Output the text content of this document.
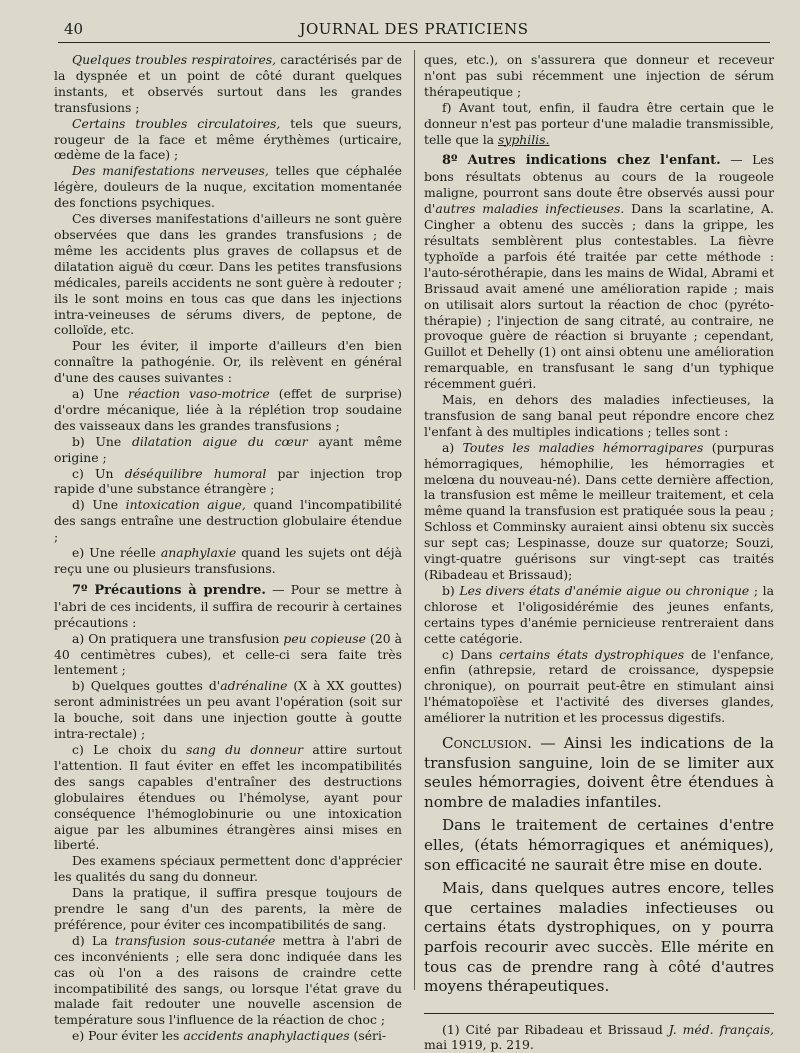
40	JOURNAL DES PRATICIENS

Quelques troubles respiratoires, caractérisés par de la dyspnée et un point de côté durant quelques instants, et observés surtout dans les grandes transfusions ;

Certains troubles circulatoires, tels que sueurs, rougeur de la face et même érythèmes (urticaire, œdème de la face) ;

Des manifestations nerveuses, telles que céphalée légère, douleurs de la nuque, excitation momentanée des fonctions psychiques.

Ces diverses manifestations d'ailleurs ne sont guère observées que dans les grandes transfusions ; de même les accidents plus graves de collapsus et de dilatation aiguë du cœur. Dans les petites transfusions médicales, pareils accidents ne sont guère à redouter ; ils le sont moins en tous cas que dans les injections intra-veineuses de sérums divers, de peptone, de colloïde, etc.

Pour les éviter, il importe d'ailleurs d'en bien connaître la pathogénie. Or, ils relèvent en général d'une des causes suivantes :

a) Une réaction vaso-motrice (effet de surprise) d'ordre mécanique, liée à la réplétion trop soudaine des vaisseaux dans les grandes transfusions ;

b) Une dilatation aigue du cœur ayant même origine ;

c) Un déséquilibre humoral par injection trop rapide d'une substance étrangère ;

d) Une intoxication aigue, quand l'incompatibilité des sangs entraîne une destruction globulaire étendue ;

e) Une réelle anaphylaxie quand les sujets ont déjà reçu une ou plusieurs transfusions.

7º Précautions à prendre. — Pour se mettre à l'abri de ces incidents, il suffira de recourir à certaines précautions :

a) On pratiquera une transfusion peu copieuse (20 à 40 centimètres cubes), et celle-ci sera faite très lentement ;

b) Quelques gouttes d'adrénaline (X à XX gouttes) seront administrées un peu avant l'opération (soit sur la bouche, soit dans une injection goutte à goutte intra-rectale) ;

c) Le choix du sang du donneur attire surtout l'attention. Il faut éviter en effet les incompatibilités des sangs capables d'entraîner des destructions globulaires étendues ou l'hémolyse, ayant pour conséquence l'hémoglobinurie ou une intoxication aigue par les albumines étrangères ainsi mises en liberté.

Des examens spéciaux permettent donc d'apprécier les qualités du sang du donneur.

Dans la pratique, il suffira presque toujours de prendre le sang d'un des parents, la mère de préférence, pour éviter ces incompatibilités de sang.

d) La transfusion sous-cutanée mettra à l'abri de ces inconvénients ; elle sera donc indiquée dans les cas où l'on a des raisons de craindre cette incompatibilité des sangs, ou lorsque l'état grave du malade fait redouter une nouvelle ascension de température sous l'influence de la réaction de choc ;

e) Pour éviter les accidents anaphylactiques (séri-

ques, etc.), on s'assurera que donneur et receveur n'ont pas subi récemment une injection de sérum thérapeutique ;

f) Avant tout, enfin, il faudra être certain que le donneur n'est pas porteur d'une maladie transmissible, telle que la syphilis.

8º Autres indications chez l'enfant. — Les bons résultats obtenus au cours de la rougeole maligne, pourront sans doute être observés aussi pour d'autres maladies infectieuses. Dans la scarlatine, A. Cingher a obtenu des succès ; dans la grippe, les résultats semblèrent plus contestables. La fièvre typhoïde a parfois été traitée par cette méthode : l'auto-sérothérapie, dans les mains de Widal, Abrami et Brissaud avait amené une amélioration rapide ; mais on utilisait alors surtout la réaction de choc (pyréto-thérapie) ; l'injection de sang citraté, au contraire, ne provoque guère de réaction si bruyante ; cependant, Guillot et Dehelly (1) ont ainsi obtenu une amélioration remarquable, en transfusant le sang d'un typhique récemment guéri.

Mais, en dehors des maladies infectieuses, la transfusion de sang banal peut répondre encore chez l'enfant à des multiples indications ; telles sont :

a) Toutes les maladies hémorragipares (purpuras hémorragiques, hémophilie, les hémorragies et melœna du nouveau-né). Dans cette dernière affection, la transfusion est même le meilleur traitement, et cela même quand la transfusion est pratiquée sous la peau ; Schloss et Comminsky auraient ainsi obtenu six succès sur sept cas; Lespinasse, douze sur quatorze; Souzi, vingt-quatre guérisons sur vingt-sept cas traités (Ribadeau et Brissaud);

b) Les divers états d'anémie aigue ou chronique ; la chlorose et l'oligosidérémie des jeunes enfants, certains types d'anémie pernicieuse rentreraient dans cette catégorie.

c) Dans certains états dystrophiques de l'enfance, enfin (athrepsie, retard de croissance, dyspepsie chronique), on pourrait peut-être en stimulant ainsi l'hématopoïèse et l'activité des diverses glandes, améliorer la nutrition et les processus digestifs.

Conclusion. — Ainsi les indications de la transfusion sanguine, loin de se limiter aux seules hémorragies, doivent être étendues à nombre de maladies infantiles.

Dans le traitement de certaines d'entre elles, (états hémorragiques et anémiques), son efficacité ne saurait être mise en doute.

Mais, dans quelques autres encore, telles que certaines maladies infectieuses ou certains états dystrophiques, on y pourra parfois recourir avec succès. Elle mérite en tous cas de prendre rang à côté d'autres moyens thérapeutiques.

(1) Cité par Ribadeau et Brissaud J. méd. français, mai 1919, p. 219.
